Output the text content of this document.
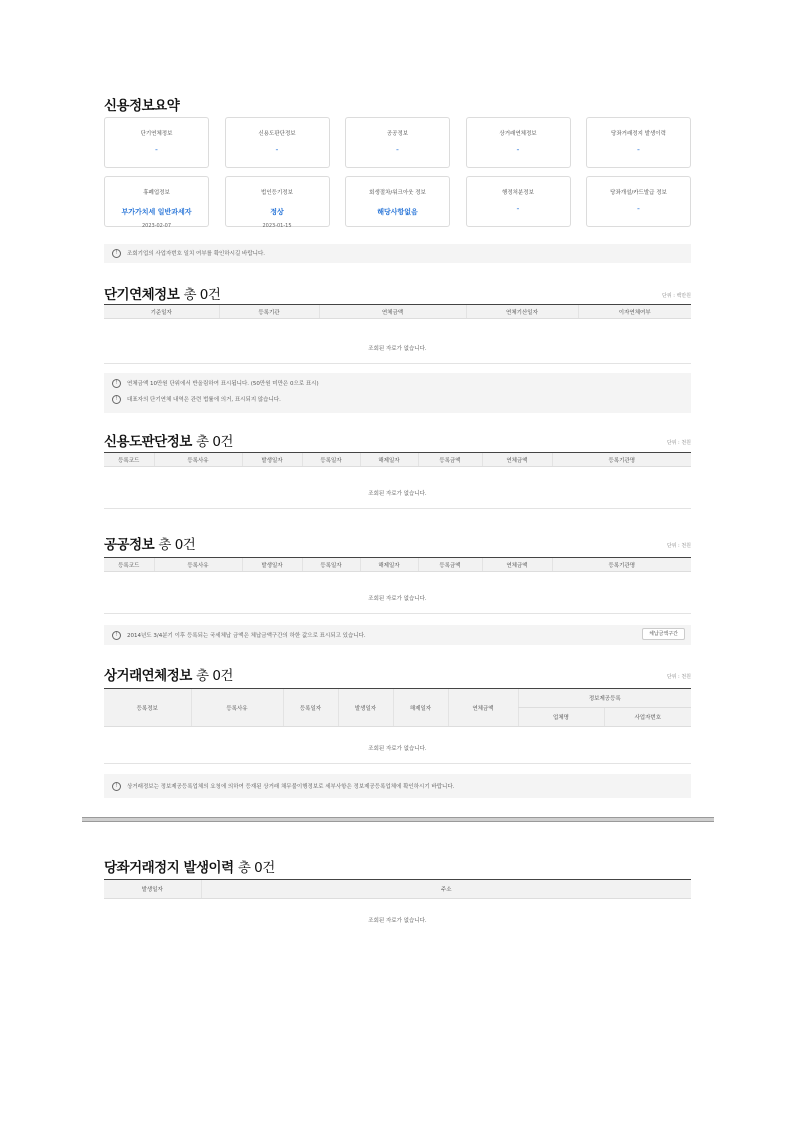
신용정보요약
단기연체정보
-
신용도판단정보
-
공공정보
-
상거래연체정보
-
당좌거래정지 발생이력
-
휴폐업정보
부가가치세 일반과세자
2023-02-07
법인등기정보
정상
2023-01-15
회생절차/워크아웃 정보
해당사항없음
행정처분정보
-
당좌개설/카드발급 정보
-
!	조회기업의 사업자번호 일치 여부를 확인하시길 바랍니다.
단기연체정보 총 0건	단위 : 백만원
기준일자	등록기관	연체금액	연체기산일자	이자연체여부
조회된 자료가 없습니다.
!	연체금액 10만원 단위에서 반올림하여 표시됩니다. (50만원 미만은 0으로 표시)
!	대표자의 단기연체 내역은 관련 법률에 의거, 표시되지 않습니다.
신용도판단정보 총 0건	단위 : 천원
등록코드	등록사유	발생일자	등록일자	해제일자	등록금액	연체금액	등록기관명
조회된 자료가 없습니다.
공공정보 총 0건	단위 : 천원
등록코드	등록사유	발생일자	등록일자	해제일자	등록금액	연체금액	등록기관명
조회된 자료가 없습니다.
!	2014년도 3/4분기 이후 등록되는 국세체납 금액은 체납금액구간의 하한 값으로 표시되고 있습니다.	체납금액구간
상거래연체정보 총 0건	단위 : 천원
등록정보	등록사유	등록일자	발생일자	해제일자	연체금액	정보제공등록	
						업체명	사업자번호
조회된 자료가 없습니다.
!	상거래정보는 정보제공등록업체의 요청에 의하여 등재된 상거래 채무불이행정보로 세부사항은 정보제공등록업체에 확인하시기 바랍니다.
당좌거래정지 발생이력 총 0건
발생일자	주소
조회된 자료가 없습니다.
